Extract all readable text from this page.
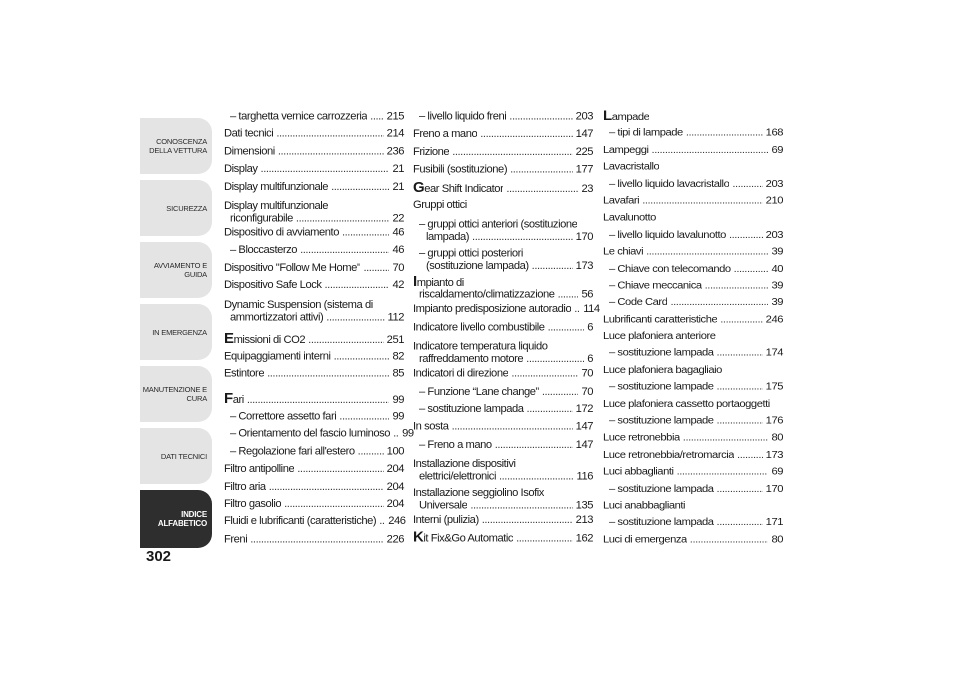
CONOSCENZA DELLA VETTURA
SICUREZZA
AVVIAMENTO E GUIDA
IN EMERGENZA
MANUTENZIONE E CURA
DATI TECNICI
INDICE ALFABETICO
302
– targhetta vernice carrozzeria ..... 215
Dati tecnici .....	214
Dimensioni .....	236
Display .....	21
Display multifunzionale .....	21
Display multifunzionale
riconfigurabile .....	22
Dispositivo di avviamento .....	46
– Bloccasterzo .....	46
Dispositivo "Follow Me Home" .....	70
Dispositivo Safe Lock .....	42
Dynamic Suspension (sistema di
ammortizzatori attivi) .....	112
Emissioni di CO2 .....	251
Equipaggiamenti interni .....	82
Estintore .....	85
Fari .....	99
– Correttore assetto fari .....	99
– Orientamento del fascio luminoso ..... 99
– Regolazione fari all'estero .....	100
Filtro antipolline .....	204
Filtro aria .....	204
Filtro gasolio .....	204
Fluidi e lubrificanti (caratteristiche) ..... 246
Freni .....	226
– livello liquido freni .....	203
Freno a mano .....	147
Frizione .....	225
Fusibili (sostituzione) .....	177
Gear Shift Indicator .....	23
Gruppi ottici
– gruppi ottici anteriori (sostituzione
lampada) .....	170
– gruppi ottici posteriori
(sostituzione lampada) .....	173
Impianto di
riscaldamento/climatizzazione ..... 56
Impianto predisposizione autoradio ..... 114
Indicatore livello combustibile .....	6
Indicatore temperatura liquido
raffreddamento motore .....	6
Indicatori di direzione .....	70
– Funzione “Lane change” .....	70
– sostituzione lampada .....	172
In sosta .....	147
– Freno a mano .....	147
Installazione dispositivi
elettrici/elettronici .....	116
Installazione seggiolino Isofix
Universale .....	135
Interni (pulizia) .....	213
Kit Fix&Go Automatic .....	162
Lampade
– tipi di lampade .....	168
Lampeggi .....	69
Lavacristallo
– livello liquido lavacristallo .....	203
Lavafari .....	210
Lavalunotto
– livello liquido lavalunotto .....	203
Le chiavi .....	39
– Chiave con telecomando .....	40
– Chiave meccanica .....	39
– Code Card .....	39
Lubrificanti caratteristiche .....	246
Luce plafoniera anteriore
– sostituzione lampada .....	174
Luce plafoniera bagagliaio
– sostituzione lampade .....	175
Luce plafoniera cassetto portaoggetti
– sostituzione lampade .....	176
Luce retronebbia .....	80
Luce retronebbia/retromarcia .....	173
Luci abbaglianti .....	69
– sostituzione lampada .....	170
Luci anabbaglianti
– sostituzione lampada .....	171
Luci di emergenza .....	80
